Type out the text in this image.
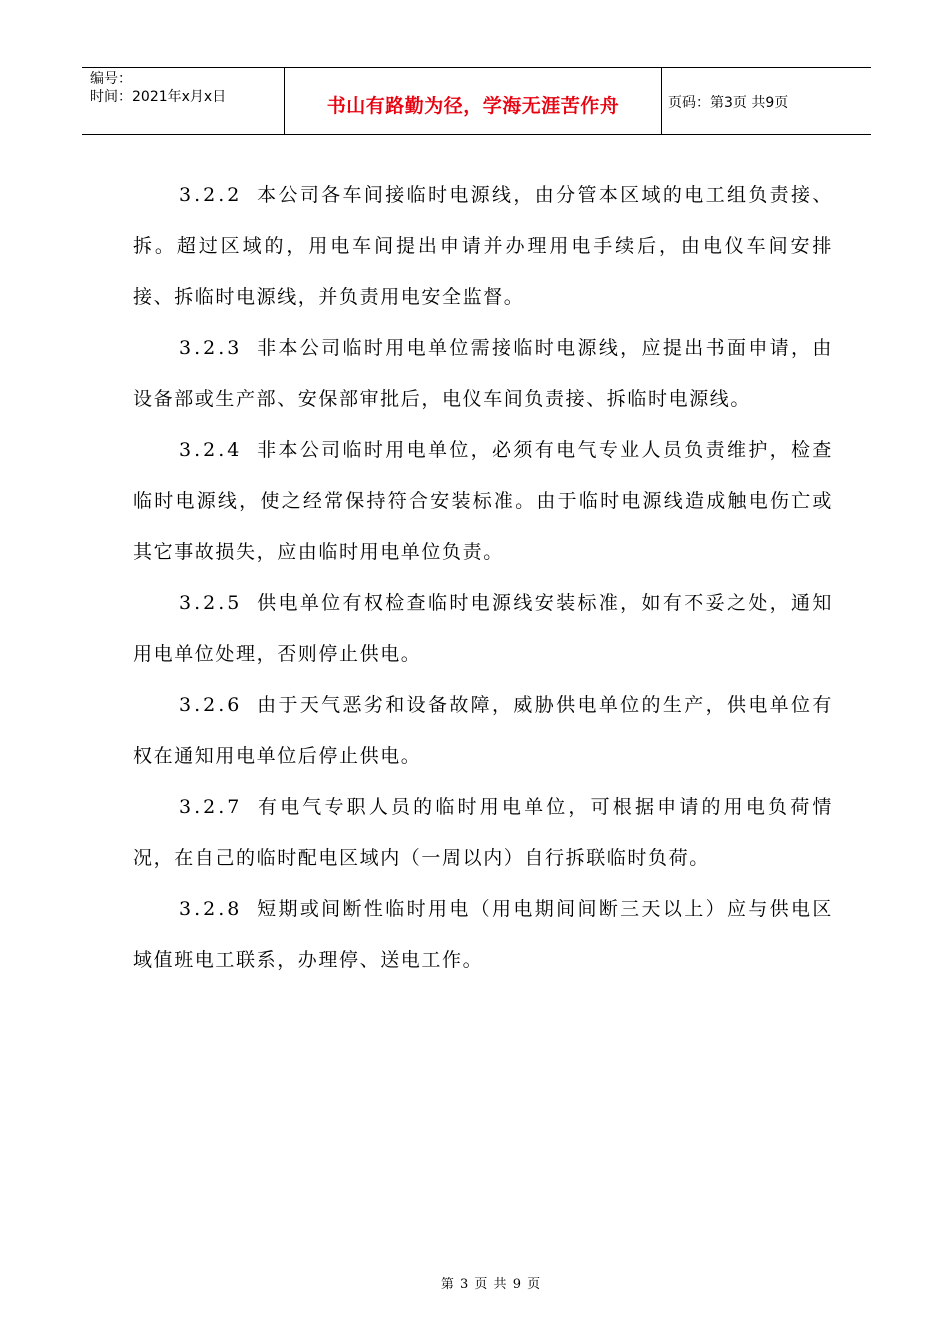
编号：
时间：2021年x月x日	书山有路勤为径，学海无涯苦作舟	页码：第3页 共9页

3.2.2 本公司各车间接临时电源线，由分管本区域的电工组负责接、拆。超过区域的，用电车间提出申请并办理用电手续后，由电仪车间安排接、拆临时电源线，并负责用电安全监督。

3.2.3 非本公司临时用电单位需接临时电源线，应提出书面申请，由设备部或生产部、安保部审批后，电仪车间负责接、拆临时电源线。

3.2.4 非本公司临时用电单位，必须有电气专业人员负责维护，检查临时电源线，使之经常保持符合安装标准。由于临时电源线造成触电伤亡或其它事故损失，应由临时用电单位负责。

3.2.5 供电单位有权检查临时电源线安装标准，如有不妥之处，通知用电单位处理，否则停止供电。

3.2.6 由于天气恶劣和设备故障，威胁供电单位的生产，供电单位有权在通知用电单位后停止供电。

3.2.7 有电气专职人员的临时用电单位，可根据申请的用电负荷情况，在自己的临时配电区域内（一周以内）自行拆联临时负荷。

3.2.8 短期或间断性临时用电（用电期间间断三天以上）应与供电区域值班电工联系，办理停、送电工作。

第 3 页 共 9 页
